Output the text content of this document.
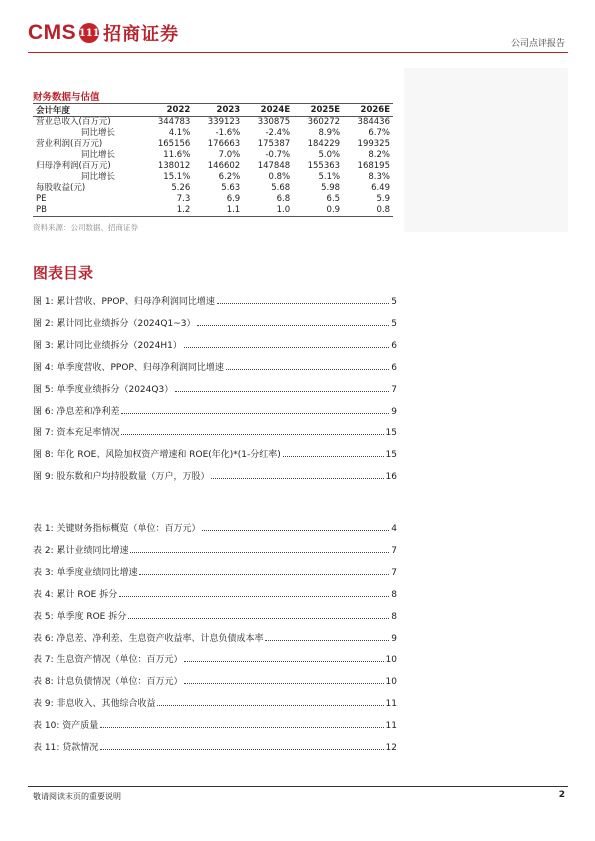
CMS 111 招商证券	公司点评报告
财务数据与估值
会计年度	2022	2023	2024E	2025E	2026E
营业总收入(百万元)	344783	339123	330875	360272	384436
同比增长	4.1%	-1.6%	-2.4%	8.9%	6.7%
营业利润(百万元)	165156	176663	175387	184229	199325
同比增长	11.6%	7.0%	-0.7%	5.0%	8.2%
归母净利润(百万元)	138012	146602	147848	155363	168195
同比增长	15.1%	6.2%	0.8%	5.1%	8.3%
每股收益(元)	5.26	5.63	5.68	5.98	6.49
PE	7.3	6.9	6.8	6.5	5.9
PB	1.2	1.1	1.0	0.9	0.8
资料来源：公司数据、招商证券
图表目录
图 1: 累计营收、PPOP、归母净利润同比增速	5
图 2: 累计同比业绩拆分（2024Q1~3）	5
图 3: 累计同比业绩拆分（2024H1）	6
图 4: 单季度营收、PPOP、归母净利润同比增速	6
图 5: 单季度业绩拆分（2024Q3）	7
图 6: 净息差和净利差	9
图 7: 资本充足率情况	15
图 8: 年化 ROE、风险加权资产增速和 ROE(年化)*(1-分红率)	15
图 9: 股东数和户均持股数量（万户，万股）	16
表 1: 关键财务指标概览（单位：百万元）	4
表 2: 累计业绩同比增速	7
表 3: 单季度业绩同比增速	7
表 4: 累计 ROE 拆分	8
表 5: 单季度 ROE 拆分	8
表 6: 净息差、净利差、生息资产收益率、计息负债成本率	9
表 7: 生息资产情况（单位：百万元）	10
表 8: 计息负债情况（单位：百万元）	10
表 9: 非息收入、其他综合收益	11
表 10: 资产质量	11
表 11: 贷款情况	12
敬请阅读末页的重要说明	2
